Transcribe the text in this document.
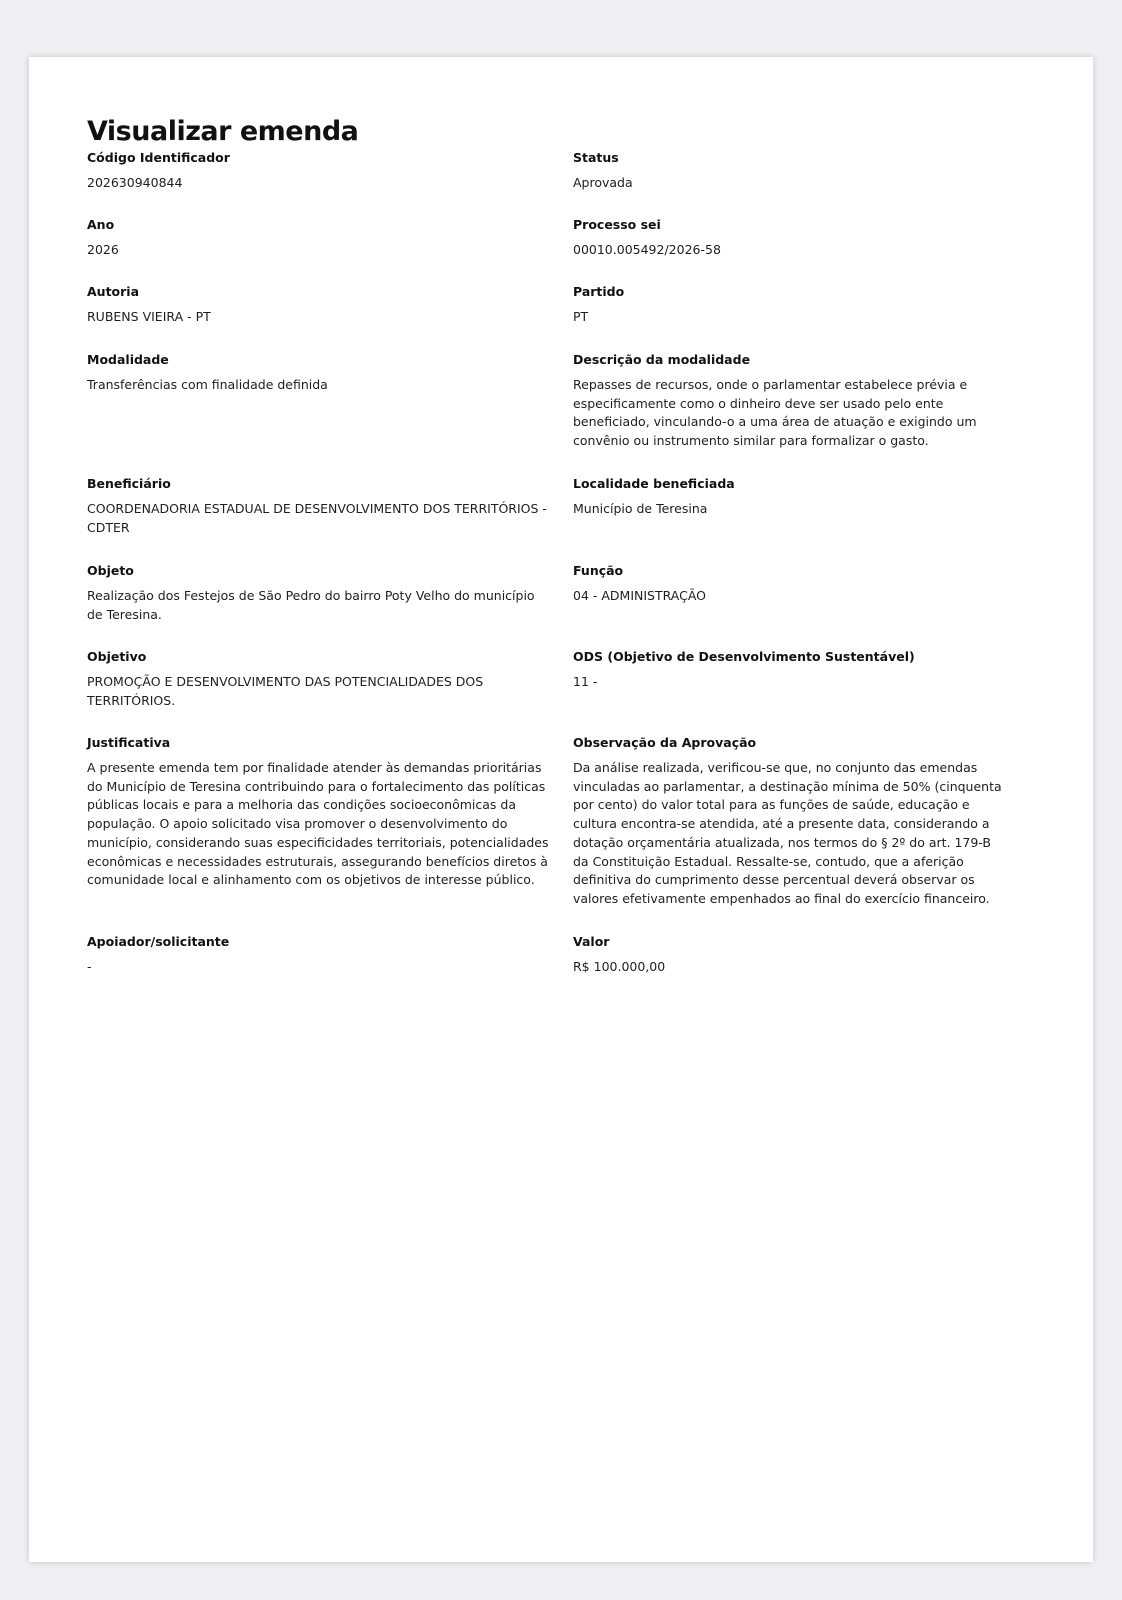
Visualizar emenda
Código Identificador
202630940844
Status
Aprovada
Ano
2026
Processo sei
00010.005492/2026-58
Autoria
RUBENS VIEIRA - PT
Partido
PT
Modalidade
Transferências com finalidade definida
Descrição da modalidade
Repasses de recursos, onde o parlamentar estabelece prévia e especificamente como o dinheiro deve ser usado pelo ente beneficiado, vinculando-o a uma área de atuação e exigindo um convênio ou instrumento similar para formalizar o gasto.
Beneficiário
COORDENADORIA ESTADUAL DE DESENVOLVIMENTO DOS TERRITÓRIOS - CDTER
Localidade beneficiada
Município de Teresina
Objeto
Realização dos Festejos de São Pedro do bairro Poty Velho do município de Teresina.
Função
04 - ADMINISTRAÇÃO
Objetivo
PROMOÇÃO E DESENVOLVIMENTO DAS POTENCIALIDADES DOS TERRITÓRIOS.
ODS (Objetivo de Desenvolvimento Sustentável)
11 -
Justificativa
A presente emenda tem por finalidade atender às demandas prioritárias do Município de Teresina contribuindo para o fortalecimento das políticas públicas locais e para a melhoria das condições socioeconômicas da população. O apoio solicitado visa promover o desenvolvimento do município, considerando suas especificidades territoriais, potencialidades econômicas e necessidades estruturais, assegurando benefícios diretos à comunidade local e alinhamento com os objetivos de interesse público.
Observação da Aprovação
Da análise realizada, verificou-se que, no conjunto das emendas vinculadas ao parlamentar, a destinação mínima de 50% (cinquenta por cento) do valor total para as funções de saúde, educação e cultura encontra-se atendida, até a presente data, considerando a dotação orçamentária atualizada, nos termos do § 2º do art. 179-B da Constituição Estadual. Ressalte-se, contudo, que a aferição definitiva do cumprimento desse percentual deverá observar os valores efetivamente empenhados ao final do exercício financeiro.
Apoiador/solicitante
-
Valor
R$ 100.000,00
